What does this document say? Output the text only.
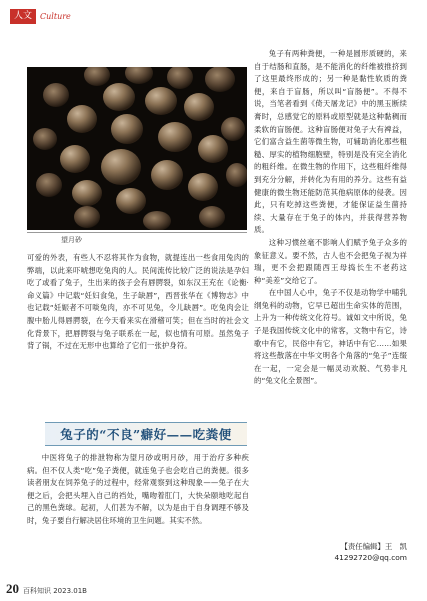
人文	Culture
望月砂

可爱的外表，有些人不忍将其作为食物，就提连出一些食用兔肉的弊端，以此来吓唬想吃兔肉的人。民间流传比较广泛的说法是孕妇吃了或看了兔子，生出来的孩子会有唇腭裂，如东汉王充在《论衡·命义篇》中记载“妊妇食兔，生子缺唇”，西晋张华在《博物志》中也记载“妊娠者不可啖兔肉，亦不可见兔，令儿缺唇”。吃兔肉会让腹中胎儿得唇腭裂，在今天看来实在滑稽可笑；但在当时的社会文化背景下，把唇腭裂与兔子联系在一起，似也情有可原。虽然兔子背了锅，不过在无形中也算给了它们一张护身符。

兔子的“不良”癖好——吃粪便

中医将兔子的排泄物称为望月砂或明月砂，用于治疗多种疾病。但不仅人类“吃”兔子粪便，就连兔子也会吃自己的粪便。很多读者朋友在饲养兔子的过程中，经常观察到这种现象——兔子在大便之后，会把头埋入自己的裆处，嘴吻着肛门，大快朵颐地吃起自己的黑色粪球。起初，人们甚为不解，以为是由于自身调理不够及时，兔子要自行解决居住环境的卫生问题。其实不然。

兔子有两种粪便，一种是圆形质硬的，来自于结肠和直肠，是不能消化的纤维被推挤到了这里最终形成的；另一种是黏性软质的粪便，来自于盲肠，所以叫“盲肠便”。不得不说，当笔者看到《倚天屠龙记》中的黑玉断续膏时，总感觉它的原料或原型就是这种黏稠而柔软的盲肠便。这种盲肠便对兔子大有裨益，它们富含益生菌等微生物，可辅助消化那些粗糙、厚实的植物细胞壁，特别是没有完全消化的粗纤维。在微生物的作用下，这些粗纤维得到充分分解，并转化为有用的养分。这些有益健康的微生物还能防范其他病原体的侵袭。因此，只有吃掉这些粪便，才能保证益生菌持续、大量存在于兔子的体内，并获得营养物质。

这种习惯丝毫不影响人们赋予兔子众多的象征意义。要不然，古人也不会把兔子视为祥瑞，更不会把跟随西王母捣长生不老药这种“美差”交给它了。

在中国人心中，兔子不仅是动物学中哺乳纲兔科的动物，它早已超出生命实体的范围，上升为一种传统文化符号。诚如文中所说，兔子是我国传统文化中的常客，文物中有它，诗歌中有它，民俗中有它，神话中有它……如果将这些散落在中华文明各个角落的“兔子”连缀在一起，一定会是一幅灵动欢脱、气势非凡的“兔文化全景图”。

【责任编辑】王　凯
41292720@qq.com
20 百科知识 2023.01B
